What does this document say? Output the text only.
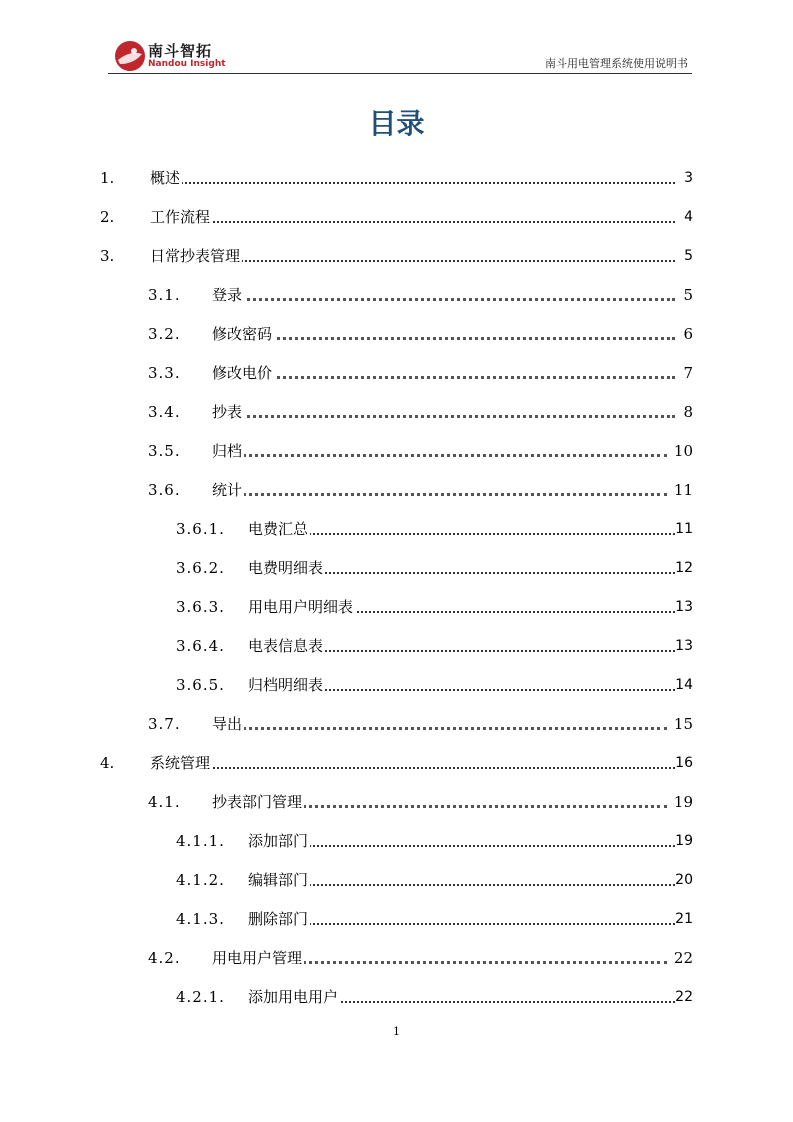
南斗智拓
Nandou Insight	南斗用电管理系统使用说明书
目录
1. 概述	3
2. 工作流程	4
3. 日常抄表管理	5
3.1. 登录	5
3.2. 修改密码	6
3.3. 修改电价	7
3.4. 抄表	8
3.5. 归档	10
3.6. 统计	11
3.6.1. 电费汇总	11
3.6.2. 电费明细表	12
3.6.3. 用电用户明细表	13
3.6.4. 电表信息表	13
3.6.5. 归档明细表	14
3.7. 导出	15
4. 系统管理	16
4.1. 抄表部门管理	19
4.1.1. 添加部门	19
4.1.2. 编辑部门	20
4.1.3. 删除部门	21
4.2. 用电用户管理	22
4.2.1. 添加用电用户	22
1
